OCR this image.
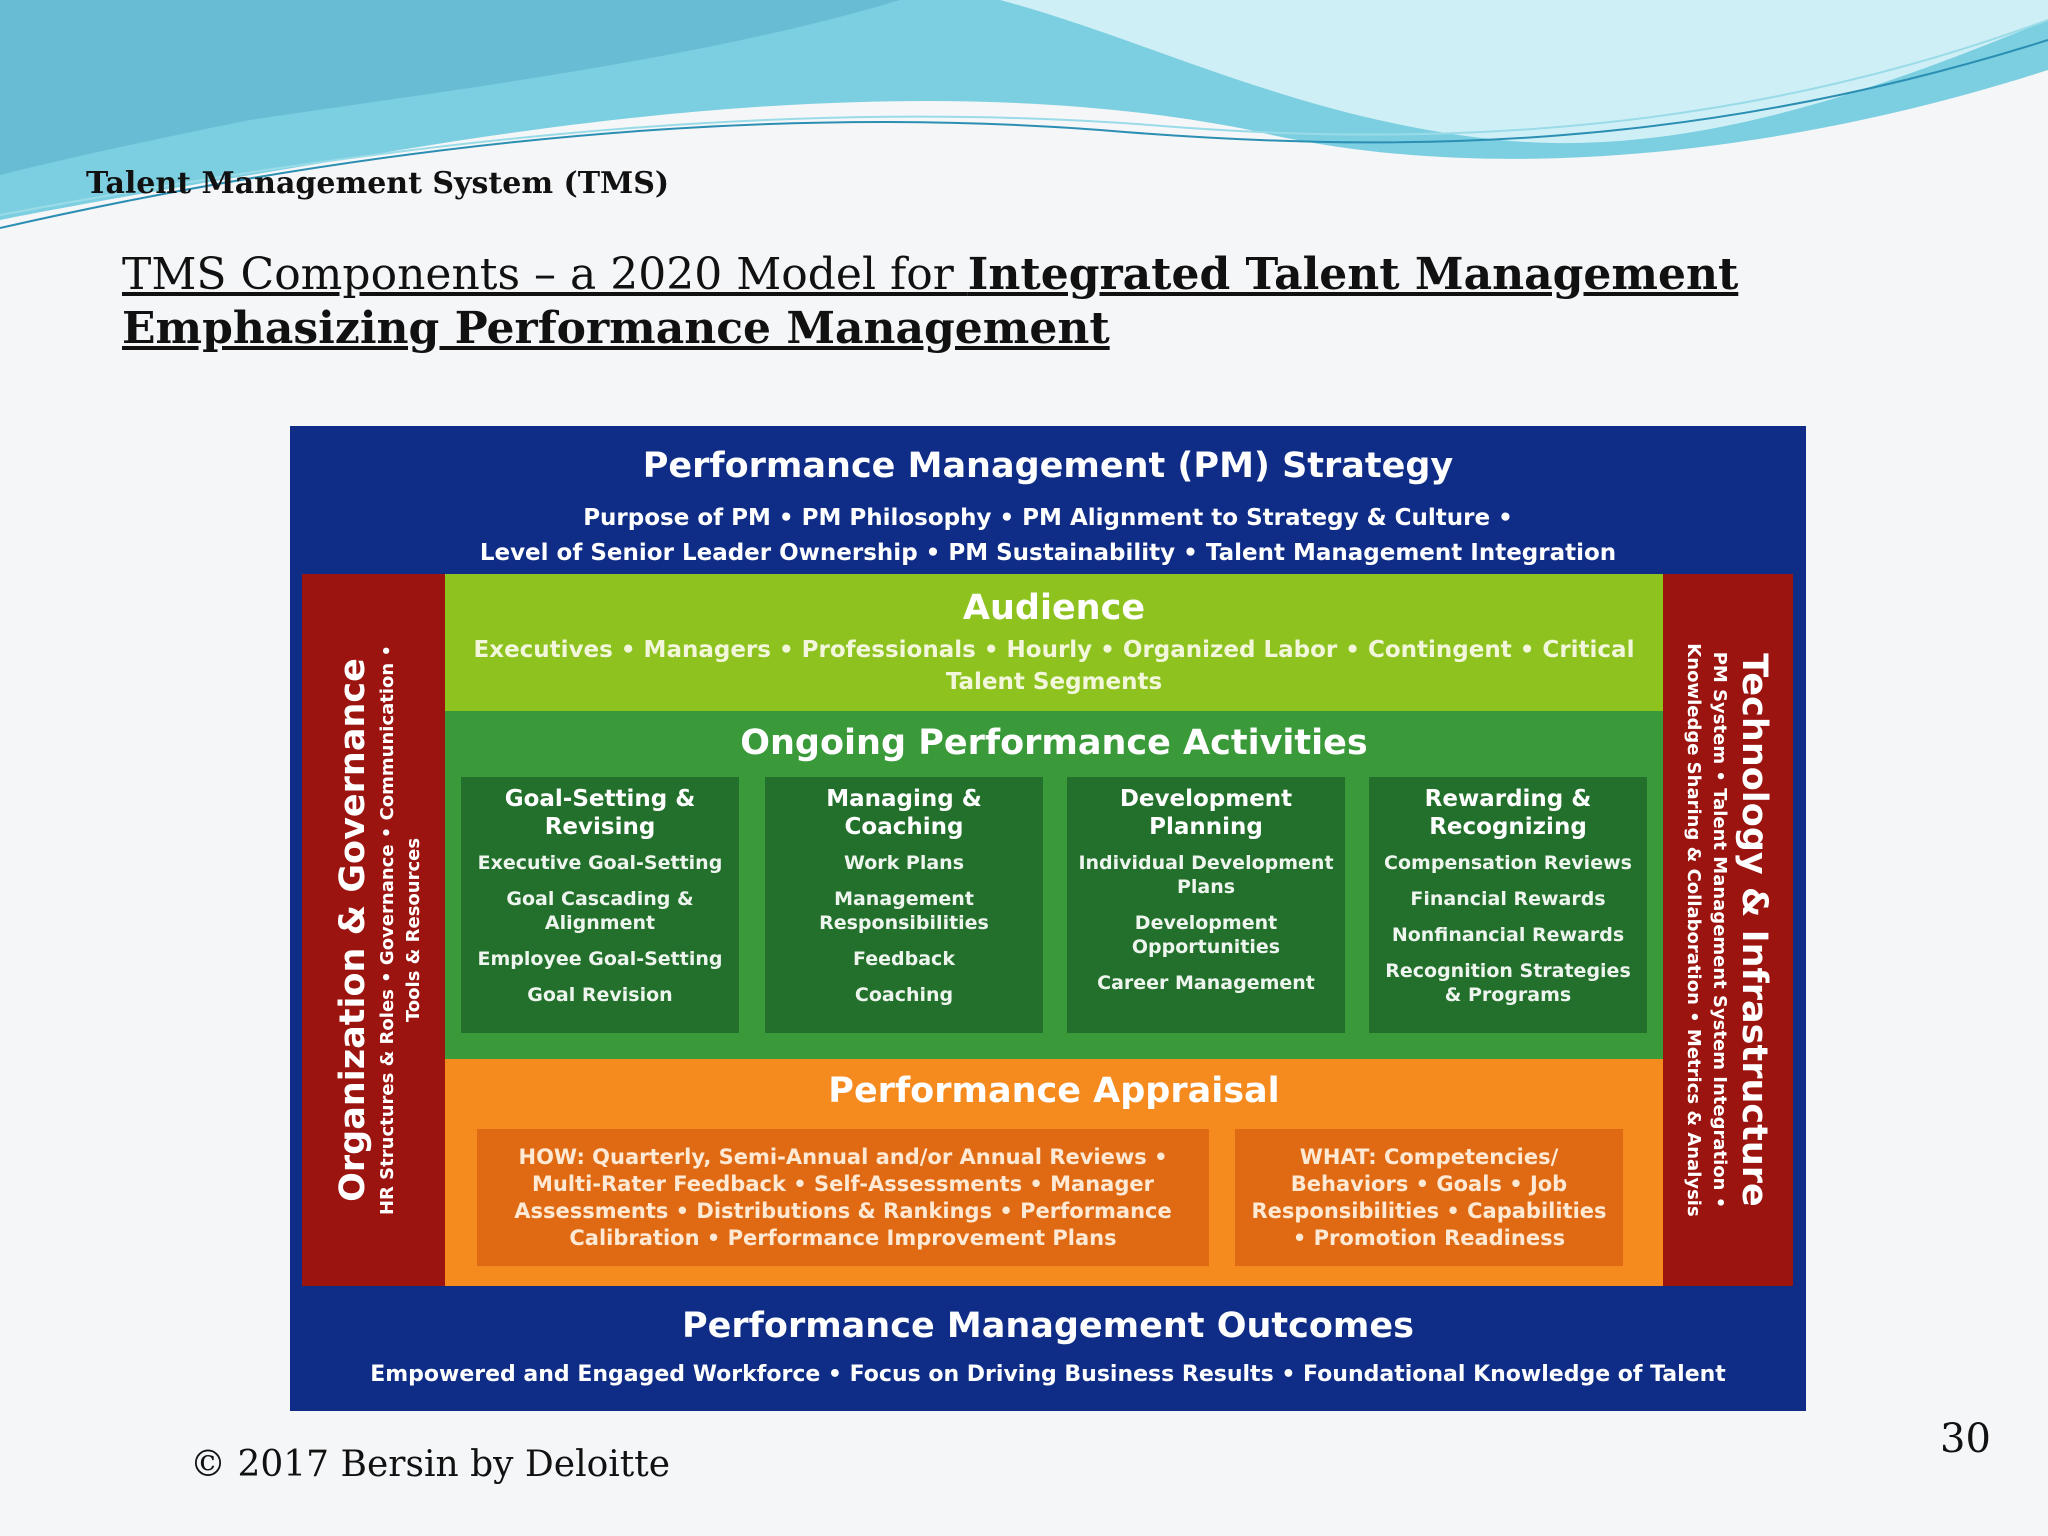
Talent Management System (TMS)
TMS Components – a 2020 Model for Integrated Talent Management Emphasizing Performance Management
Performance Management (PM) Strategy
Purpose of PM • PM Philosophy • PM Alignment to Strategy & Culture •
Level of Senior Leader Ownership • PM Sustainability • Talent Management Integration
Organization & Governance HR Structures & Roles • Governance • Communication • Tools & Resources	Technology & Infrastructure
PM System • Talent Management System Integration •
Knowledge Sharing & Collaboration • Metrics & Analysis
Audience
Executives • Managers • Professionals • Hourly • Organized Labor • Contingent • Critical Talent Segments
Ongoing Performance Activities
Goal-Setting & Revising
Executive Goal-Setting
Goal Cascading & Alignment
Employee Goal-Setting
Goal Revision
Managing & Coaching
Work Plans
Management Responsibilities
Feedback
Coaching
Development Planning
Individual Development Plans
Development Opportunities
Career Management
Rewarding & Recognizing
Compensation Reviews
Financial Rewards
Nonfinancial Rewards
Recognition Strategies & Programs
Performance Appraisal
HOW: Quarterly, Semi-Annual and/or Annual Reviews • Multi-Rater Feedback • Self-Assessments • Manager Assessments • Distributions & Rankings • Performance Calibration • Performance Improvement Plans
WHAT: Competencies/ Behaviors • Goals • Job Responsibilities • Capabilities • Promotion Readiness
Performance Management Outcomes
Empowered and Engaged Workforce • Focus on Driving Business Results • Foundational Knowledge of Talent
© 2017 Bersin by Deloitte
30
